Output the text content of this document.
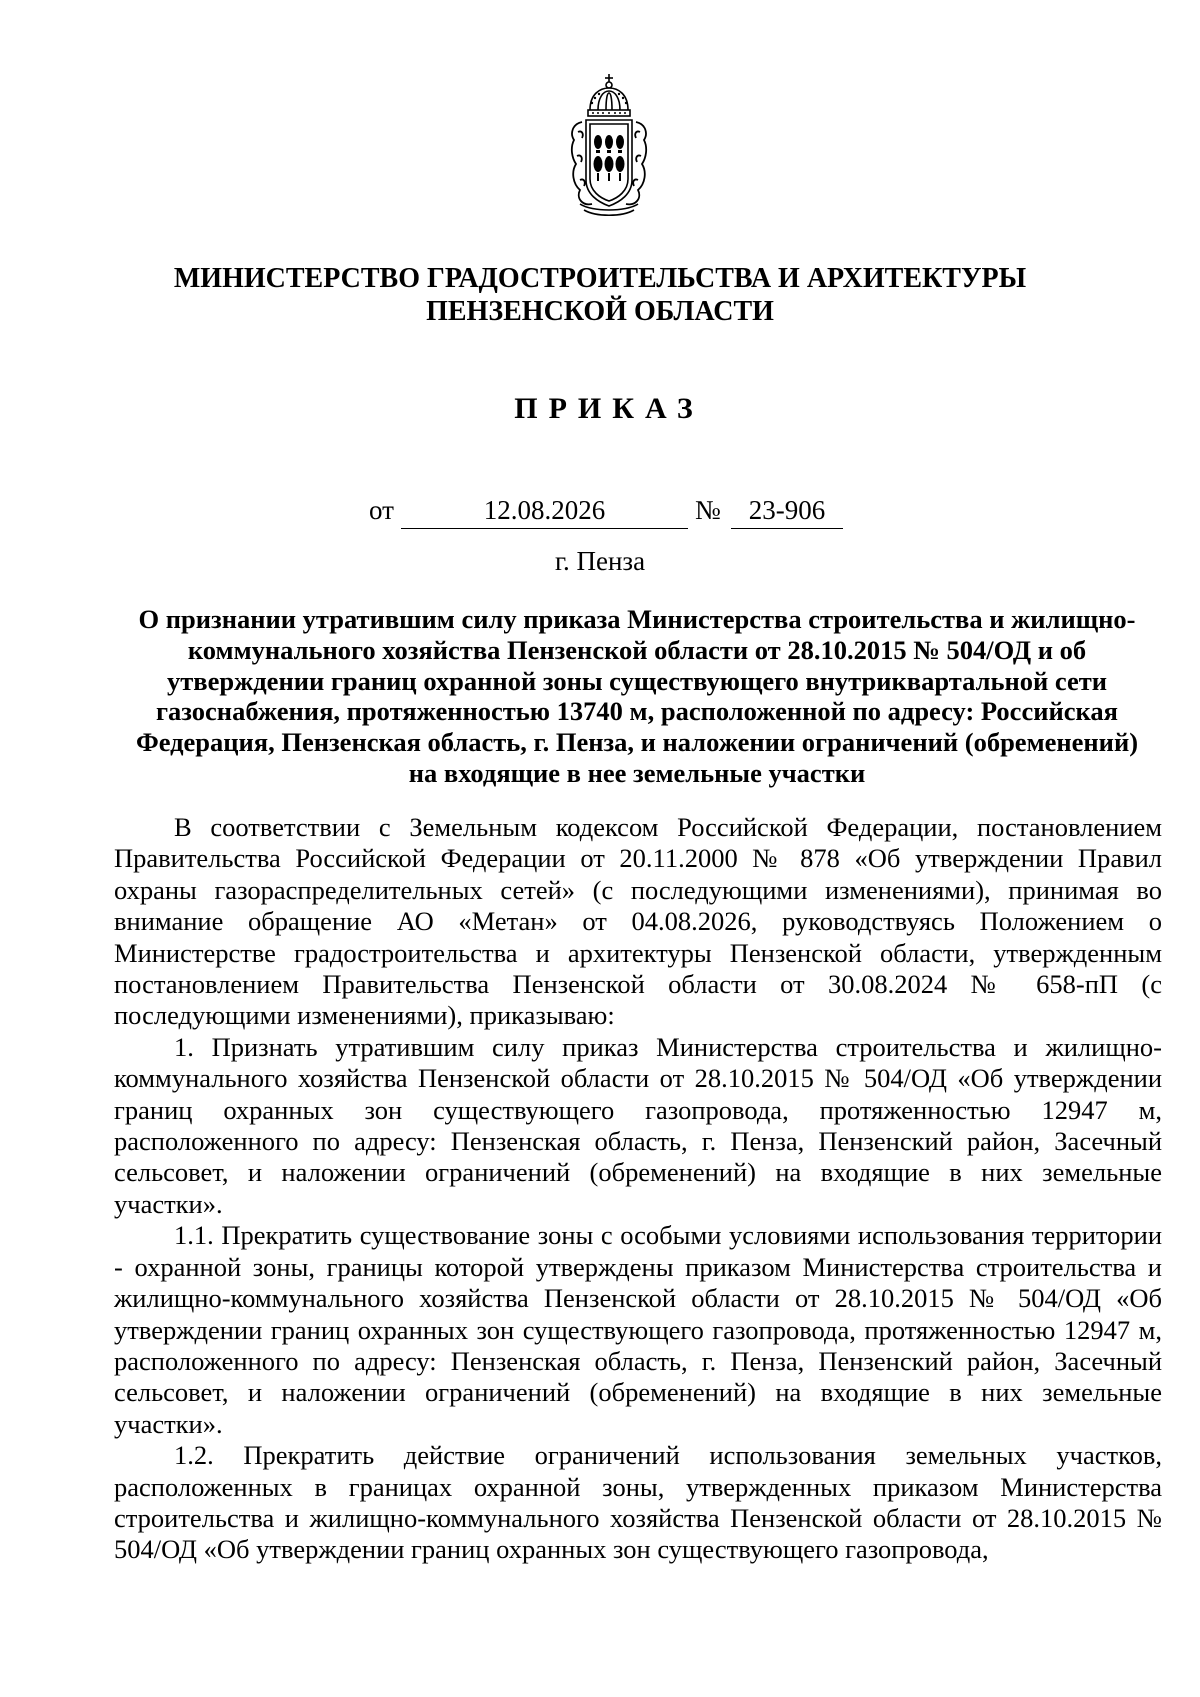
МИНИСТЕРСТВО ГРАДОСТРОИТЕЛЬСТВА И АРХИТЕКТУРЫ
ПЕНЗЕНСКОЙ ОБЛАСТИ
ПРИКАЗ
от	12.08.2026	№	23-906
г. Пенза
О признании утратившим силу приказа Министерства строительства и жилищно-
коммунального хозяйства Пензенской области от 28.10.2015 № 504/ОД и об
утверждении границ охранной зоны существующего внутриквартальной сети
газоснабжения, протяженностью 13740 м, расположенной по адресу: Российская
Федерация, Пензенская область, г. Пенза, и наложении ограничений (обременений)
на входящие в нее земельные участки

В соответствии с Земельным кодексом Российской Федерации, постановлением Правительства Российской Федерации от 20.11.2000 № 878 «Об утверждении Правил охраны газораспределительных сетей» (с последующими изменениями), принимая во внимание обращение АО «Метан» от 04.08.2026, руководствуясь Положением о Министерстве градостроительства и архитектуры Пензенской области, утвержденным постановлением Правительства Пензенской области от 30.08.2024 № 658-пП (с последующими изменениями), приказываю:

1. Признать утратившим силу приказ Министерства строительства и жилищно-коммунального хозяйства Пензенской области от 28.10.2015 № 504/ОД «Об утверждении границ охранных зон существующего газопровода, протяженностью 12947 м, расположенного по адресу: Пензенская область, г. Пенза, Пензенский район, Засечный сельсовет, и наложении ограничений (обременений) на входящие в них земельные участки».

1.1. Прекратить существование зоны с особыми условиями использования территории - охранной зоны, границы которой утверждены приказом Министерства строительства и жилищно-коммунального хозяйства Пензенской области от 28.10.2015 № 504/ОД «Об утверждении границ охранных зон существующего газопровода, протяженностью 12947 м, расположенного по адресу: Пензенская область, г. Пенза, Пензенский район, Засечный сельсовет, и наложении ограничений (обременений) на входящие в них земельные участки».

1.2. Прекратить действие ограничений использования земельных участков, расположенных в границах охранной зоны, утвержденных приказом Министерства строительства и жилищно-коммунального хозяйства Пензенской области от 28.10.2015 № 504/ОД «Об утверждении границ охранных зон существующего газопровода,
